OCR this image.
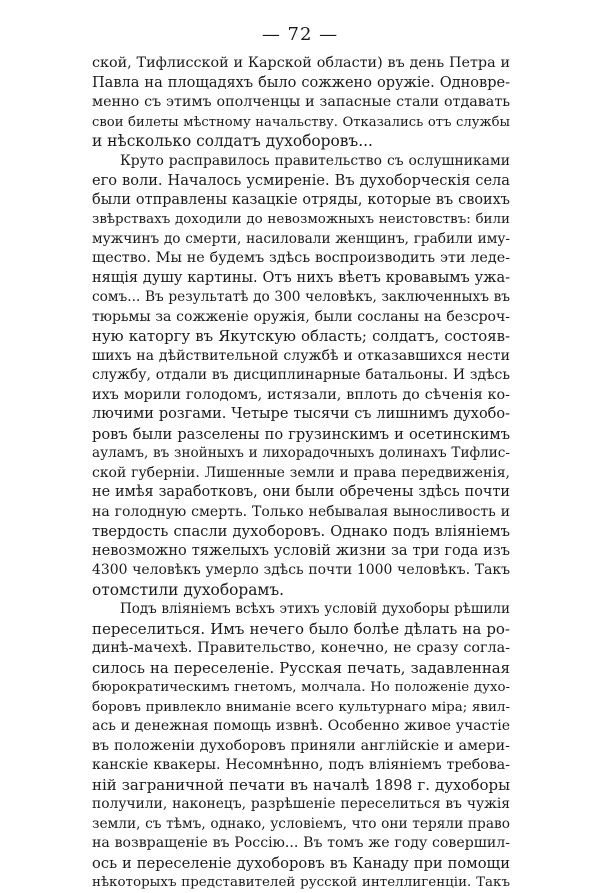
— 72 —
ской, Тифлисской и Карской области) въ день Петра и
Павла на площадяхъ было сожжено оружіе. Одновре-
менно съ этимъ ополченцы и запасные стали отдавать
свои билеты мѣстному начальству. Отказались отъ службы
и нѣсколько солдатъ духоборовъ...
Круто расправилось правительство съ ослушниками
его воли. Началось усмиреніе. Въ духоборческія села
были отправлены казацкіе отряды, которые въ своихъ
звѣрствахъ доходили до невозможныхъ неистовствъ: били
мужчинъ до смерти, насиловали женщинъ, грабили иму-
щество. Мы не будемъ здѣсь воспроизводить эти леде-
нящія душу картины. Отъ нихъ вѣетъ кровавымъ ужа-
сомъ... Въ результатѣ до 300 человѣкъ, заключенныхъ въ
тюрьмы за сожженіе оружія, были сосланы на безсроч-
ную каторгу въ Якутскую область; солдатъ, состояв-
шихъ на дѣйствительной службѣ и отказавшихся нести
службу, отдали въ дисциплинарные батальоны. И здѣсь
ихъ морили голодомъ, истязали, вплоть до сѣченія ко-
лючими розгами. Четыре тысячи съ лишнимъ духобо-
ровъ были разселены по грузинскимъ и осетинскимъ
ауламъ, въ знойныхъ и лихорадочныхъ долинахъ Тифлис-
ской губерніи. Лишенные земли и права передвиженія,
не имѣя заработковъ, они были обречены здѣсь почти
на голодную смерть. Только небывалая выносливость и
твердость спасли духоборовъ. Однако подъ вліяніемъ
невозможно тяжелыхъ условій жизни за три года изъ
4300 человѣкъ умерло здѣсь почти 1000 человѣкъ. Такъ
отомстили духоборамъ.
Подъ вліяніемъ всѣхъ этихъ условій духоборы рѣшили
переселиться. Имъ нечего было болѣе дѣлать на ро-
динѣ-мачехѣ. Правительство, конечно, не сразу согла-
силось на переселеніе. Русская печать, задавленная
бюрократическимъ гнетомъ, молчала. Но положеніе духо-
боровъ привлекло вниманіе всего культурнаго міра; явил-
ась и денежная помощь извнѣ. Особенно живое участіе
въ положеніи духоборовъ приняли англійскіе и амери-
канскіе квакеры. Несомнѣнно, подъ вліяніемъ требова-
ній заграничной печати въ началѣ 1898 г. духоборы
получили, наконецъ, разрѣшеніе переселиться въ чужія
земли, съ тѣмъ, однако, условіемъ, что они теряли право
на возвращеніе въ Россію... Въ томъ же году совершил-
ось и переселеніе духоборовъ въ Канаду при помощи
нѣкоторыхъ представителей русской интеллигенціи. Такъ
